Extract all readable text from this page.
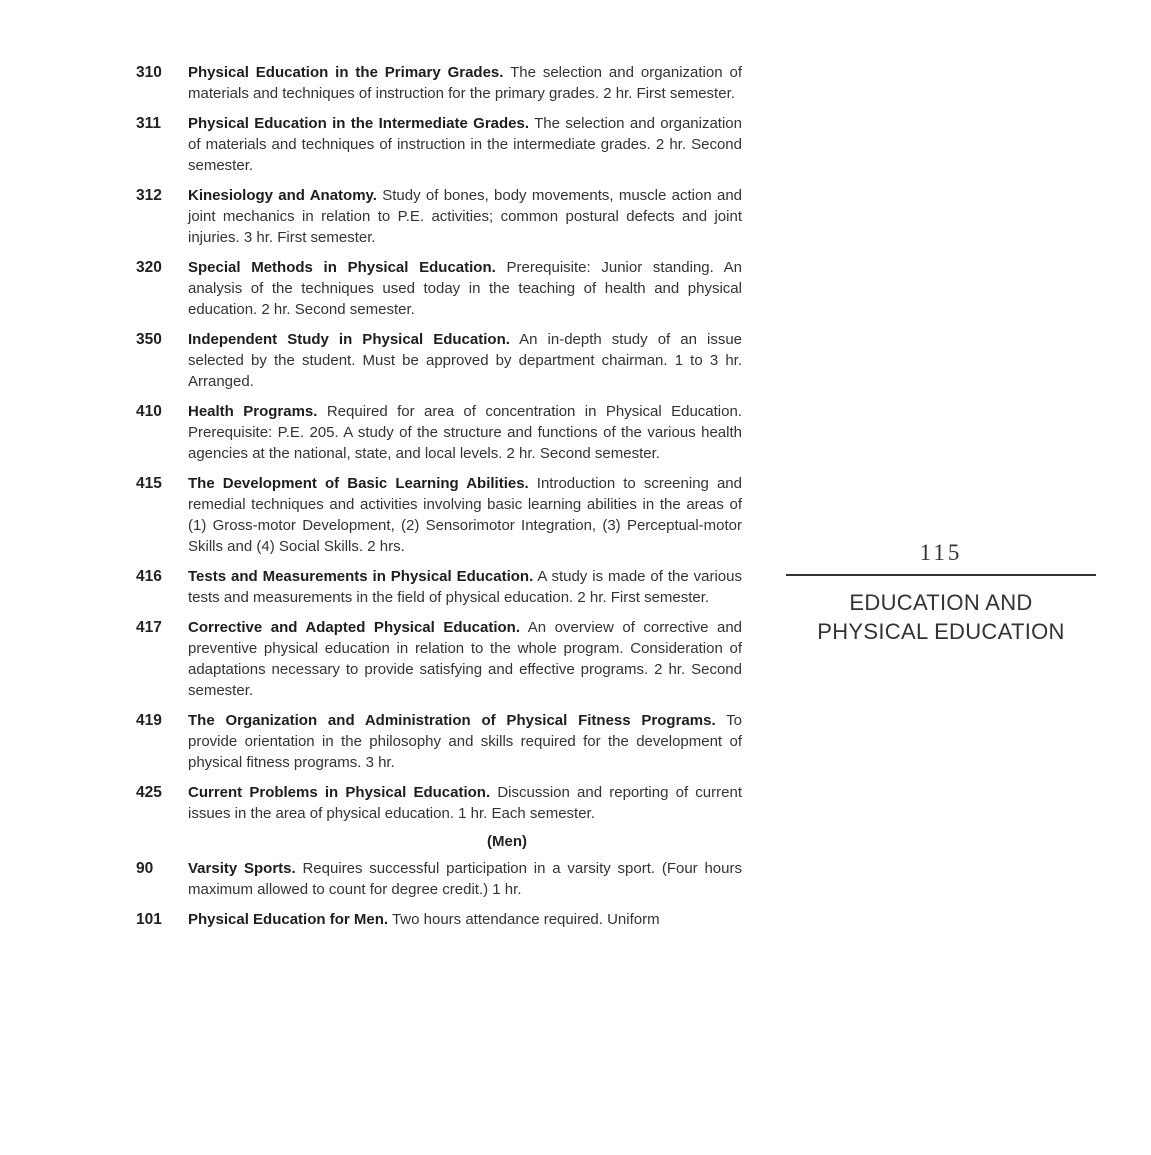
310	Physical Education in the Primary Grades. The selection and organization of materials and techniques of instruction for the primary grades. 2 hr. First semester.
311	Physical Education in the Intermediate Grades. The selection and organization of materials and techniques of instruction in the intermediate grades. 2 hr. Second semester.
312	Kinesiology and Anatomy. Study of bones, body movements, muscle action and joint mechanics in relation to P.E. activities; common postural defects and joint injuries. 3 hr. First semester.
320	Special Methods in Physical Education. Prerequisite: Junior standing. An analysis of the techniques used today in the teaching of health and physical education. 2 hr. Second semester.
350	Independent Study in Physical Education. An in-depth study of an issue selected by the student. Must be approved by department chairman. 1 to 3 hr. Arranged.
410	Health Programs. Required for area of concentration in Physical Education. Prerequisite: P.E. 205. A study of the structure and functions of the various health agencies at the national, state, and local levels. 2 hr. Second semester.
415	The Development of Basic Learning Abilities. Introduction to screening and remedial techniques and activities involving basic learning abilities in the areas of (1) Gross-motor Development, (2) Sensorimotor Integration, (3) Perceptual-motor Skills and (4) Social Skills. 2 hrs.
416	Tests and Measurements in Physical Education. A study is made of the various tests and measurements in the field of physical education. 2 hr. First semester.
417	Corrective and Adapted Physical Education. An overview of corrective and preventive physical education in relation to the whole program. Consideration of adaptations necessary to provide satisfying and effective programs. 2 hr. Second semester.
419	The Organization and Administration of Physical Fitness Programs. To provide orientation in the philosophy and skills required for the development of physical fitness programs. 3 hr.
425	Current Problems in Physical Education. Discussion and reporting of current issues in the area of physical education. 1 hr. Each semester.
(Men)
90	Varsity Sports. Requires successful participation in a varsity sport. (Four hours maximum allowed to count for degree credit.) 1 hr.
101	Physical Education for Men. Two hours attendance required. Uniform
115
EDUCATION AND
PHYSICAL EDUCATION
